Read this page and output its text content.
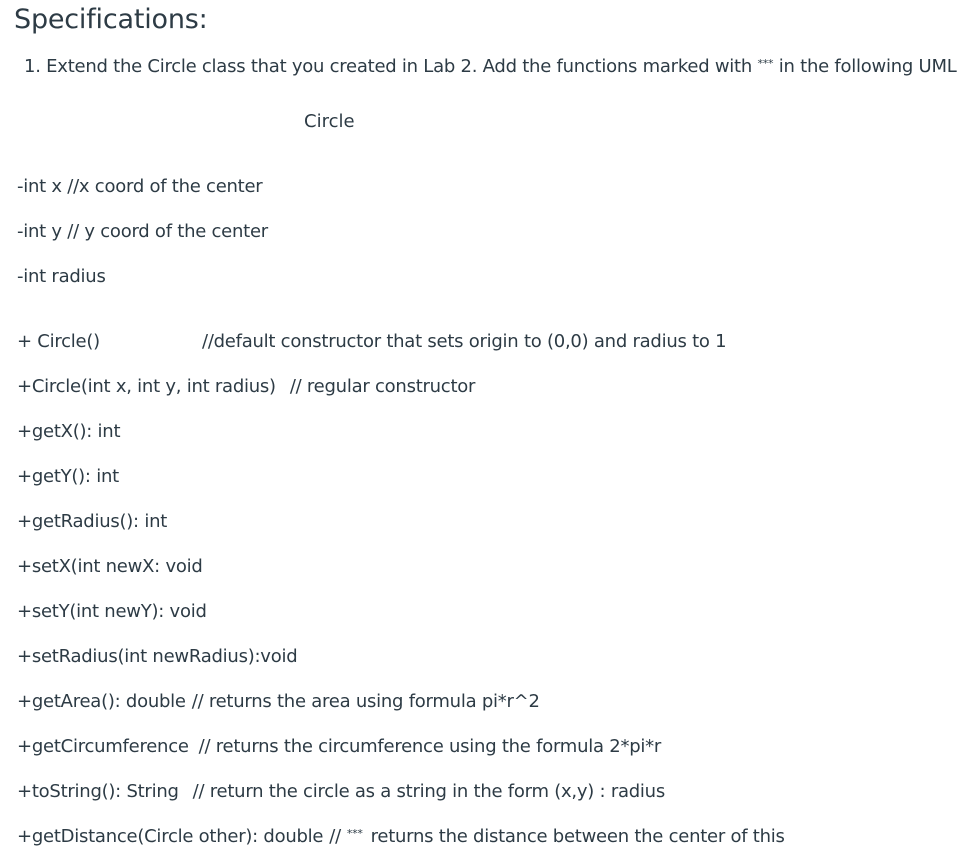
Specifications:
1. Extend the Circle class that you created in Lab 2. Add the functions marked with *** in the following UML
Circle
-int x //x coord of the center
-int y // y coord of the center
-int radius
+ Circle()	//default constructor that sets origin to (0,0) and radius to 1
+Circle(int x, int y, int radius) // regular constructor
+getX(): int
+getY(): int
+getRadius(): int
+setX(int newX: void
+setY(int newY): void
+setRadius(int newRadius):void
+getArea(): double // returns the area using formula pi*r^2
+getCircumference // returns the circumference using the formula 2*pi*r
+toString(): String // return the circle as a string in the form (x,y) : radius
+getDistance(Circle other): double // *** returns the distance between the center of this
